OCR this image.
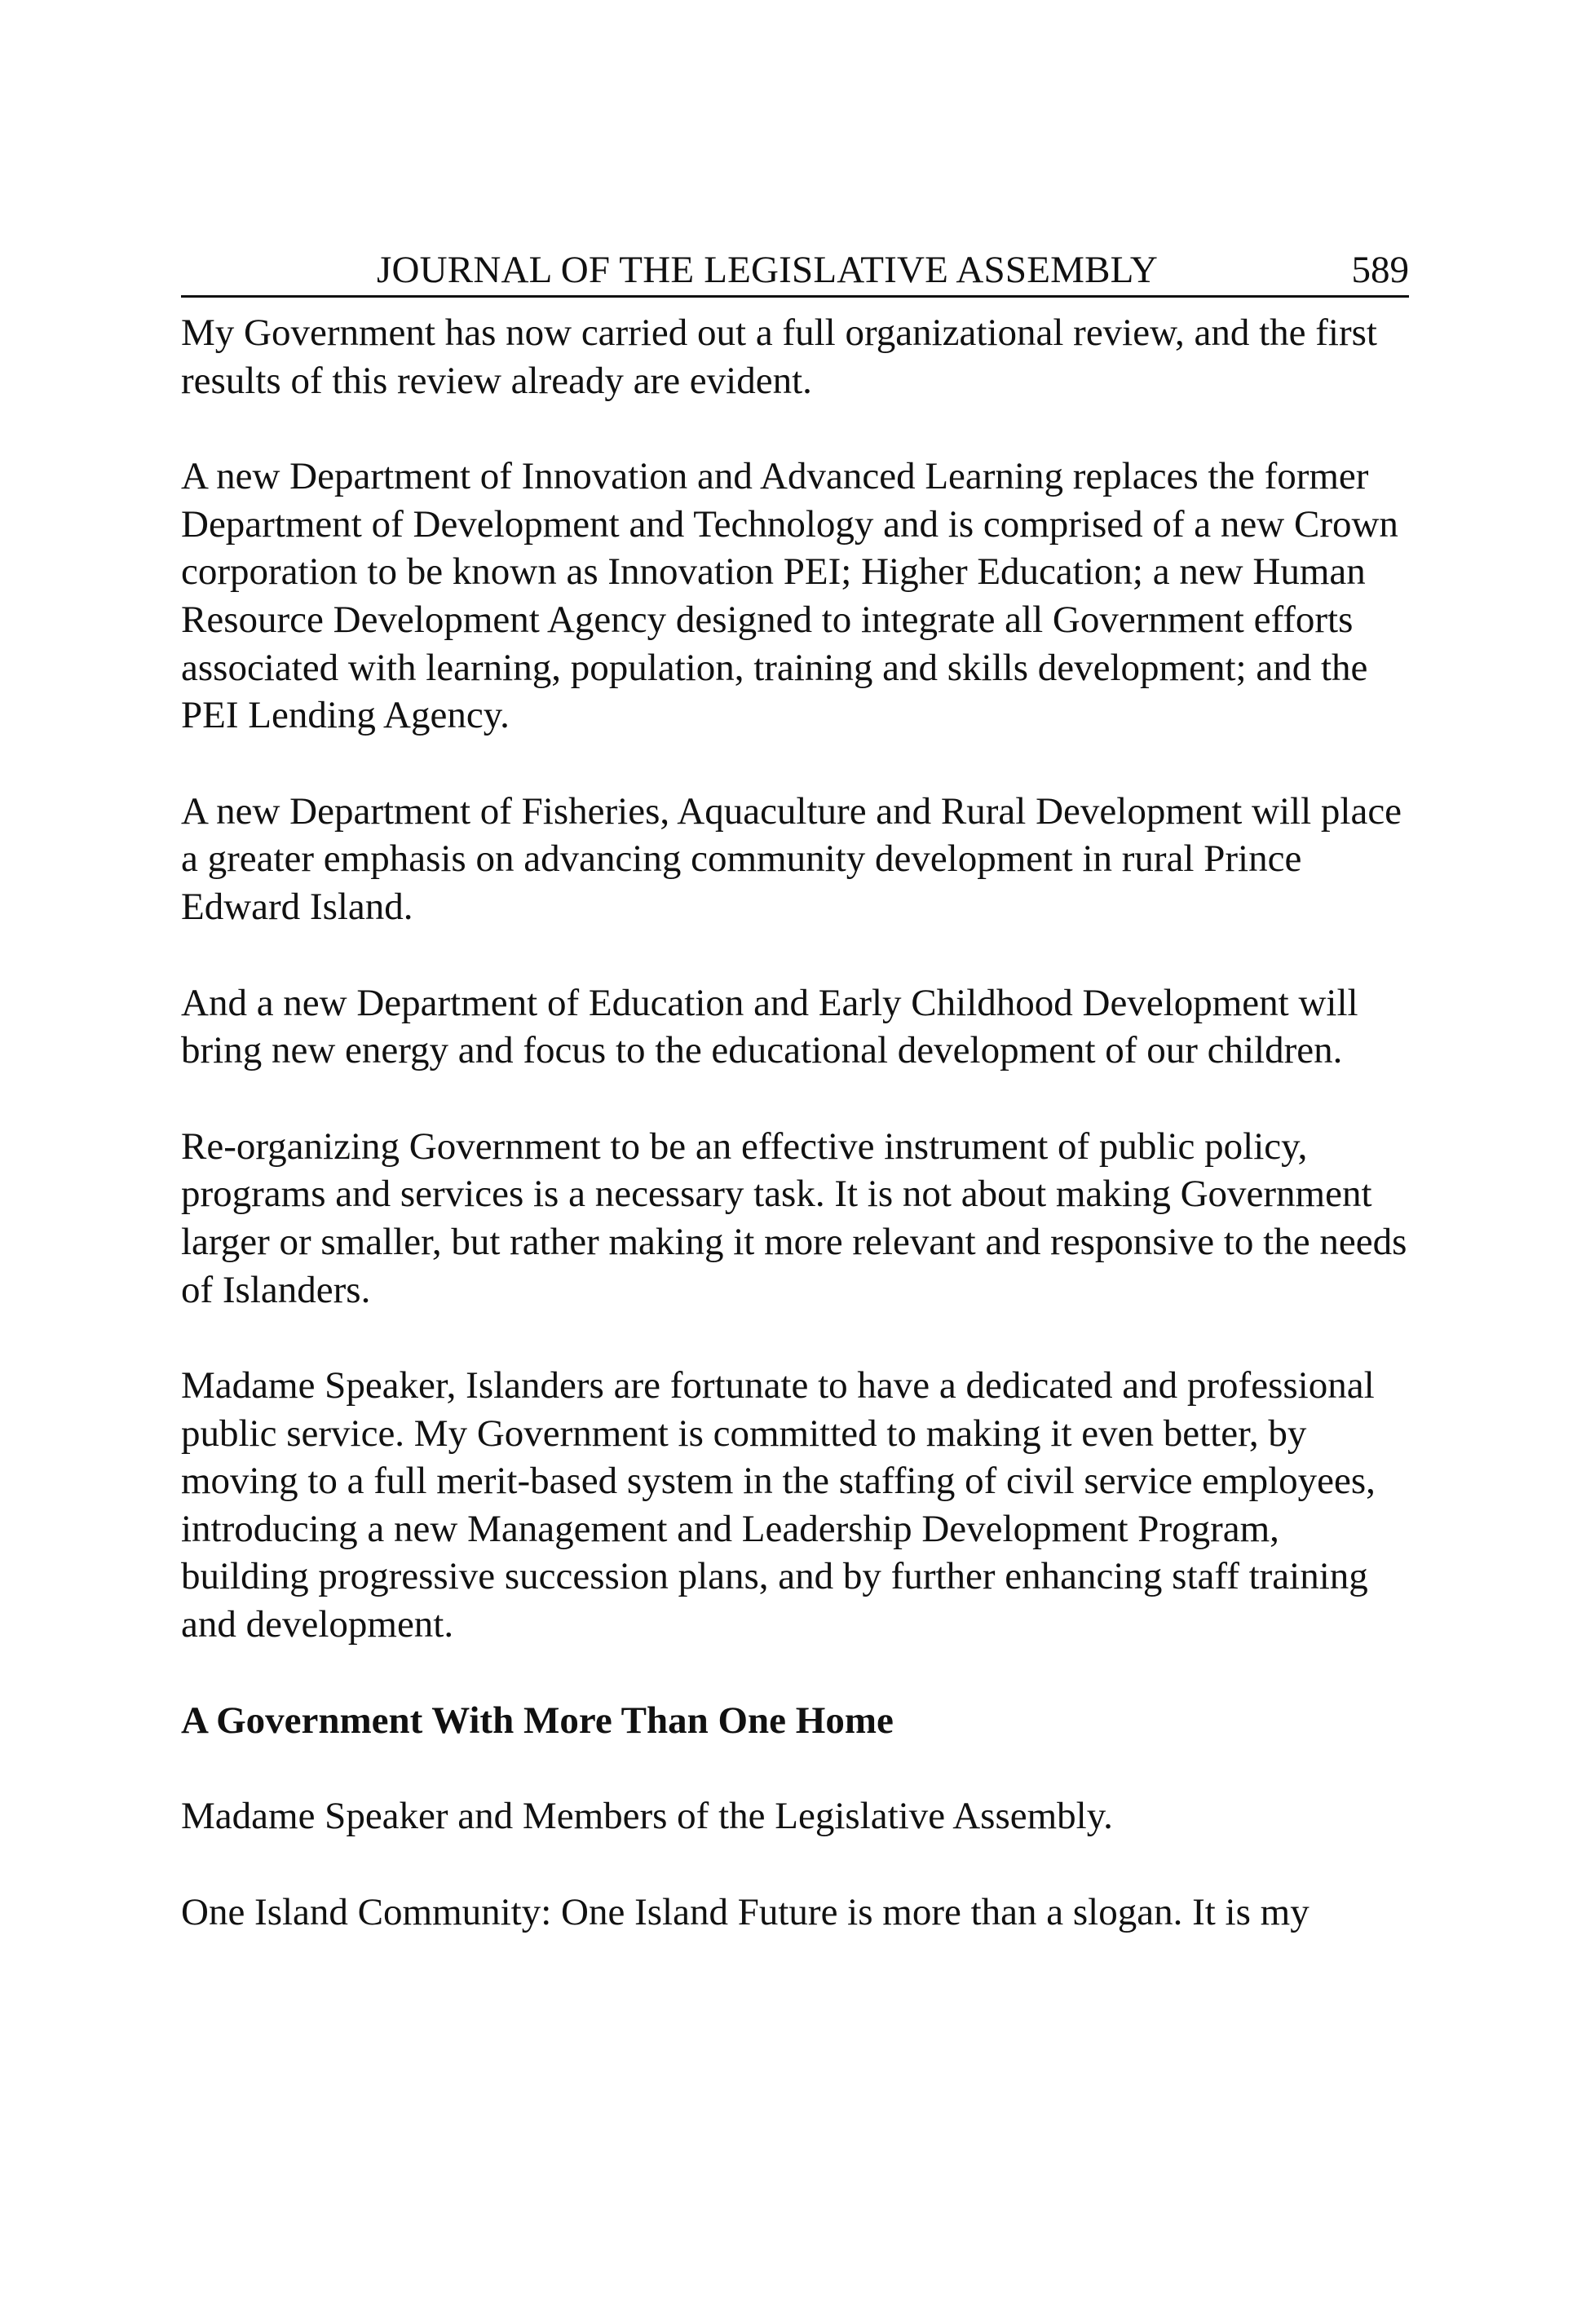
JOURNAL OF THE LEGISLATIVE ASSEMBLY	589

My Government has now carried out a full organizational review, and the first results of this review already are evident.

A new Department of Innovation and Advanced Learning replaces the former Department of Development and Technology and is comprised of a new Crown corporation to be known as Innovation PEI; Higher Education; a new Human Resource Development Agency designed to integrate all Government efforts associated with learning, population, training and skills development; and the PEI Lending Agency.

A new Department of Fisheries, Aquaculture and Rural Development will place a greater emphasis on advancing community development in rural Prince Edward Island.

And a new Department of Education and Early Childhood Development will bring new energy and focus to the educational development of our children.

Re-organizing Government to be an effective instrument of public policy, programs and services is a necessary task. It is not about making Government larger or smaller, but rather making it more relevant and responsive to the needs of Islanders.

Madame Speaker, Islanders are fortunate to have a dedicated and professional public service. My Government is committed to making it even better, by moving to a full merit-based system in the staffing of civil service employees, introducing a new Management and Leadership Development Program, building progressive succession plans, and by further enhancing staff training and development.

A Government With More Than One Home

Madame Speaker and Members of the Legislative Assembly.

One Island Community: One Island Future is more than a slogan. It is my
